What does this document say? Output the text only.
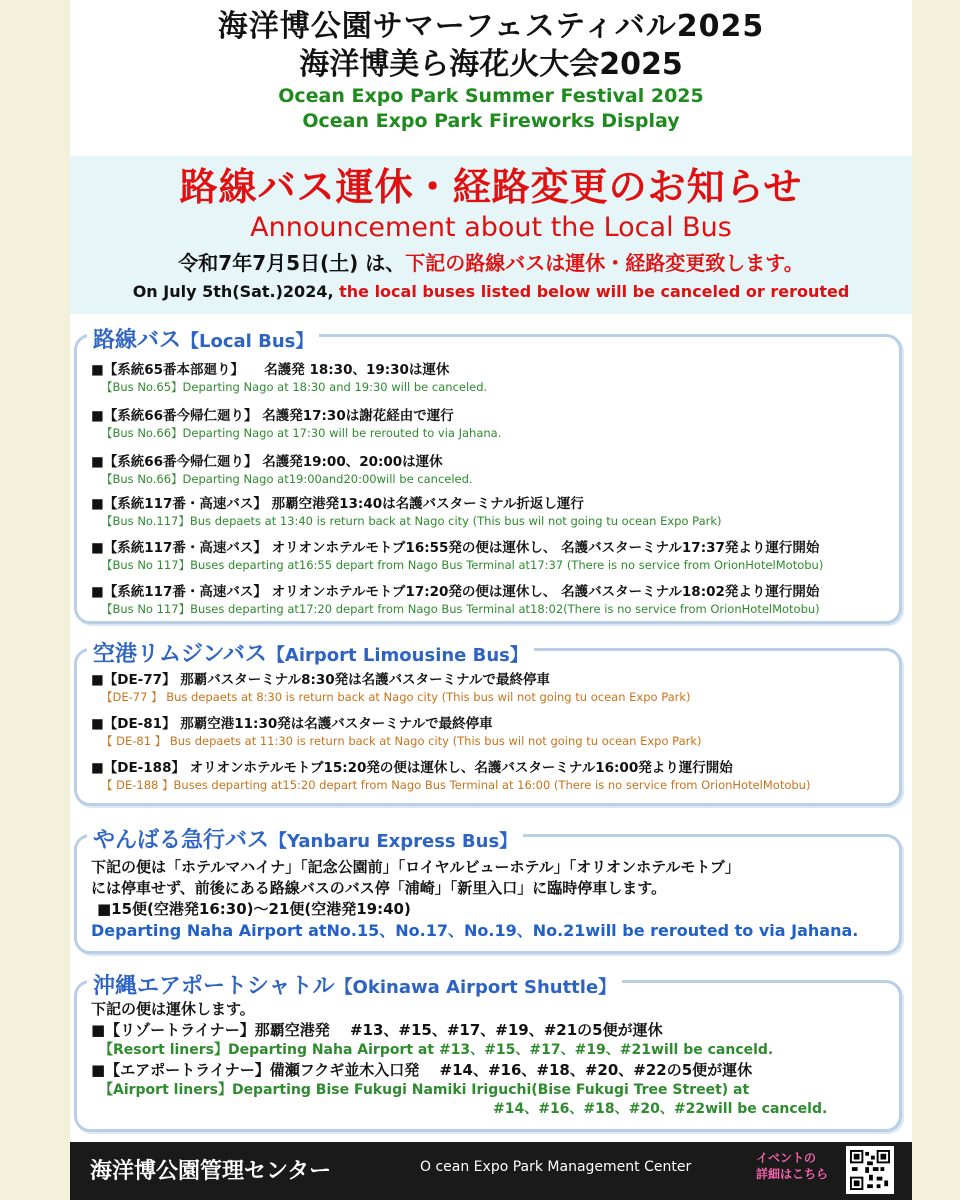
海洋博公園サマーフェスティバル2025
海洋博美ら海花火大会2025
Ocean Expo Park Summer Festival 2025
Ocean Expo Park Fireworks Display
路線バス運休・経路変更のお知らせ
Announcement about the Local Bus
令和7年7月5日(土) は、下記の路線バスは運休・経路変更致します。
On July 5th(Sat.)2024, the local buses listed below will be canceled or rerouted
路線バス【Local Bus】
■【系統65番本部廻り】　　名護発 18:30、19:30は運休
【Bus No.65】Departing Nago at 18:30 and 19:30 will be canceled.
■【系統66番今帰仁廻り】 名護発17:30は謝花経由で運行
【Bus No.66】Departing Nago at 17:30 will be rerouted to via Jahana.
■【系統66番今帰仁廻り】 名護発19:00、20:00は運休
【Bus No.66】Departing Nago at19:00and20:00will be canceled.
■【系統117番・高速バス】 那覇空港発13:40は名護バスターミナル折返し運行
【Bus No.117】Bus depaets at 13:40 is return back at Nago city (This bus wil not going tu ocean Expo Park)
■【系統117番・高速バス】 オリオンホテルモトブ16:55発の便は運休し、 名護バスターミナル17:37発より運行開始
【Bus No 117】Buses departing at16:55 depart from Nago Bus Terminal at17:37 (There is no service from OrionHotelMotobu)
■【系統117番・高速バス】 オリオンホテルモトブ17:20発の便は運休し、 名護バスターミナル18:02発より運行開始
【Bus No 117】Buses departing at17:20 depart from Nago Bus Terminal at18:02(There is no service from OrionHotelMotobu)
空港リムジンバス【Airport Limousine Bus】
■【DE-77】 那覇バスターミナル8:30発は名護バスターミナルで最終停車
【DE-77 】 Bus depaets at 8:30 is return back at Nago city (This bus wil not going tu ocean Expo Park)
■【DE-81】 那覇空港11:30発は名護バスターミナルで最終停車
【 DE-81 】 Bus depaets at 11:30 is return back at Nago city (This bus wil not going tu ocean Expo Park)
■【DE-188】 オリオンホテルモトブ15:20発の便は運休し、名護バスターミナル16:00発より運行開始
【 DE-188 】Buses departing at15:20 depart from Nago Bus Terminal at 16:00 (There is no service from OrionHotelMotobu)
やんばる急行バス【Yanbaru Express Bus】
下記の便は「ホテルマハイナ」「記念公園前」「ロイヤルビューホテル」「オリオンホテルモトブ」
には停車せず、前後にある路線バスのバス停「浦崎」「新里入口」に臨時停車します。
■15便(空港発16:30)～21便(空港発19:40)
Departing Naha Airport atNo.15、No.17、No.19、No.21will be rerouted to via Jahana.
沖縄エアポートシャトル【Okinawa Airport Shuttle】
下記の便は運休します。
■【リゾートライナー】那覇空港発　 #13、#15、#17、#19、#21の5便が運休
【Resort liners】Departing Naha Airport at #13、#15、#17、#19、#21will be canceld.
■【エアポートライナー】備瀬フクギ並木入口発　 #14、#16、#18、#20、#22の5便が運休
【Airport liners】Departing Bise Fukugi Namiki Iriguchi(Bise Fukugi Tree Street) at
#14、#16、#18、#20、#22will be canceld.
海洋博公園管理センター	O cean Expo Park Management Center
イベントの
詳細はこちら
